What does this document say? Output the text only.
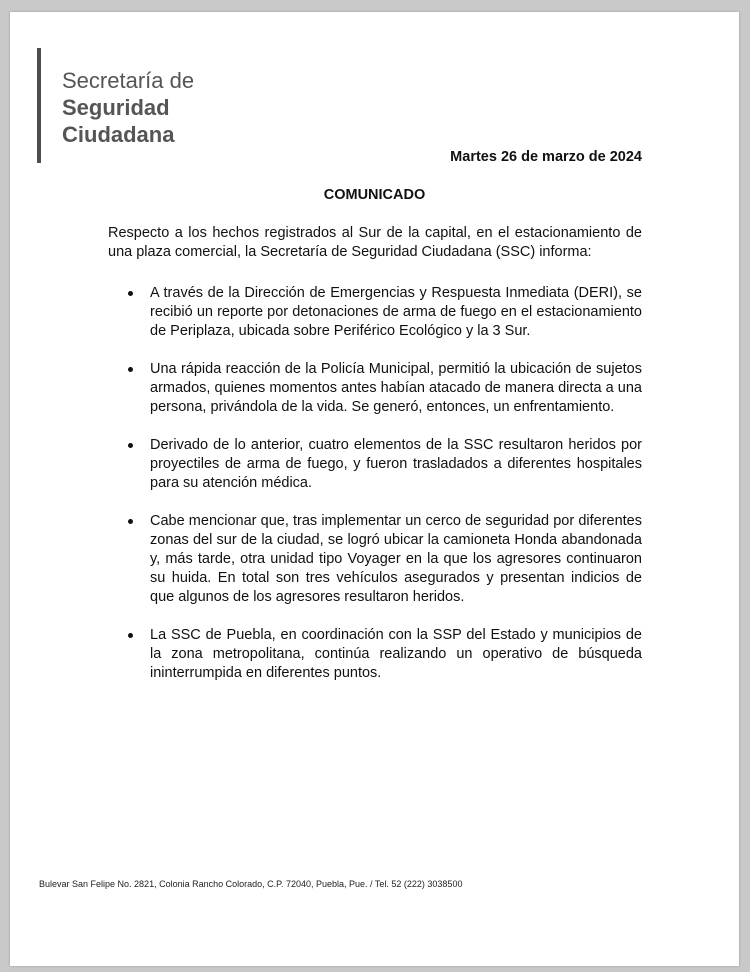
Secretaría de
Seguridad
Ciudadana
Martes 26 de marzo de 2024
COMUNICADO
Respecto a los hechos registrados al Sur de la capital, en el estacionamiento de una plaza comercial, la Secretaría de Seguridad Ciudadana (SSC) informa:
A través de la Dirección de Emergencias y Respuesta Inmediata (DERI), se recibió un reporte por detonaciones de arma de fuego en el estacionamiento de Periplaza, ubicada sobre Periférico Ecológico y la 3 Sur.
Una rápida reacción de la Policía Municipal, permitió la ubicación de sujetos armados, quienes momentos antes habían atacado de manera directa a una persona, privándola de la vida. Se generó, entonces, un enfrentamiento.
Derivado de lo anterior, cuatro elementos de la SSC resultaron heridos por proyectiles de arma de fuego, y fueron trasladados a diferentes hospitales para su atención médica.
Cabe mencionar que, tras implementar un cerco de seguridad por diferentes zonas del sur de la ciudad, se logró ubicar la camioneta Honda abandonada y, más tarde, otra unidad tipo Voyager en la que los agresores continuaron su huida. En total son tres vehículos asegurados y presentan indicios de que algunos de los agresores resultaron heridos.
La SSC de Puebla, en coordinación con la SSP del Estado y municipios de la zona metropolitana, continúa realizando un operativo de búsqueda ininterrumpida en diferentes puntos.
Bulevar San Felipe No. 2821, Colonia Rancho Colorado, C.P. 72040, Puebla, Pue. / Tel. 52 (222) 3038500
